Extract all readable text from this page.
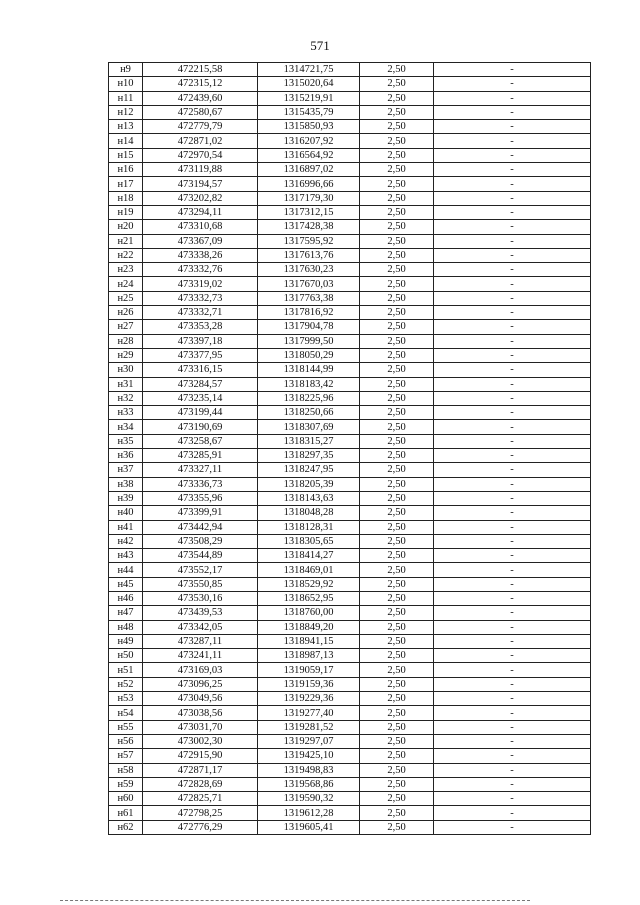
571
н9	472215,58	1314721,75	2,50	-
н10	472315,12	1315020,64	2,50	-
н11	472439,60	1315219,91	2,50	-
н12	472580,67	1315435,79	2,50	-
н13	472779,79	1315850,93	2,50	-
н14	472871,02	1316207,92	2,50	-
н15	472970,54	1316564,92	2,50	-
н16	473119,88	1316897,02	2,50	-
н17	473194,57	1316996,66	2,50	-
н18	473202,82	1317179,30	2,50	-
н19	473294,11	1317312,15	2,50	-
н20	473310,68	1317428,38	2,50	-
н21	473367,09	1317595,92	2,50	-
н22	473338,26	1317613,76	2,50	-
н23	473332,76	1317630,23	2,50	-
н24	473319,02	1317670,03	2,50	-
н25	473332,73	1317763,38	2,50	-
н26	473332,71	1317816,92	2,50	-
н27	473353,28	1317904,78	2,50	-
н28	473397,18	1317999,50	2,50	-
н29	473377,95	1318050,29	2,50	-
н30	473316,15	1318144,99	2,50	-
н31	473284,57	1318183,42	2,50	-
н32	473235,14	1318225,96	2,50	-
н33	473199,44	1318250,66	2,50	-
н34	473190,69	1318307,69	2,50	-
н35	473258,67	1318315,27	2,50	-
н36	473285,91	1318297,35	2,50	-
н37	473327,11	1318247,95	2,50	-
н38	473336,73	1318205,39	2,50	-
н39	473355,96	1318143,63	2,50	-
н40	473399,91	1318048,28	2,50	-
н41	473442,94	1318128,31	2,50	-
н42	473508,29	1318305,65	2,50	-
н43	473544,89	1318414,27	2,50	-
н44	473552,17	1318469,01	2,50	-
н45	473550,85	1318529,92	2,50	-
н46	473530,16	1318652,95	2,50	-
н47	473439,53	1318760,00	2,50	-
н48	473342,05	1318849,20	2,50	-
н49	473287,11	1318941,15	2,50	-
н50	473241,11	1318987,13	2,50	-
н51	473169,03	1319059,17	2,50	-
н52	473096,25	1319159,36	2,50	-
н53	473049,56	1319229,36	2,50	-
н54	473038,56	1319277,40	2,50	-
н55	473031,70	1319281,52	2,50	-
н56	473002,30	1319297,07	2,50	-
н57	472915,90	1319425,10	2,50	-
н58	472871,17	1319498,83	2,50	-
н59	472828,69	1319568,86	2,50	-
н60	472825,71	1319590,32	2,50	-
н61	472798,25	1319612,28	2,50	-
н62	472776,29	1319605,41	2,50	-
